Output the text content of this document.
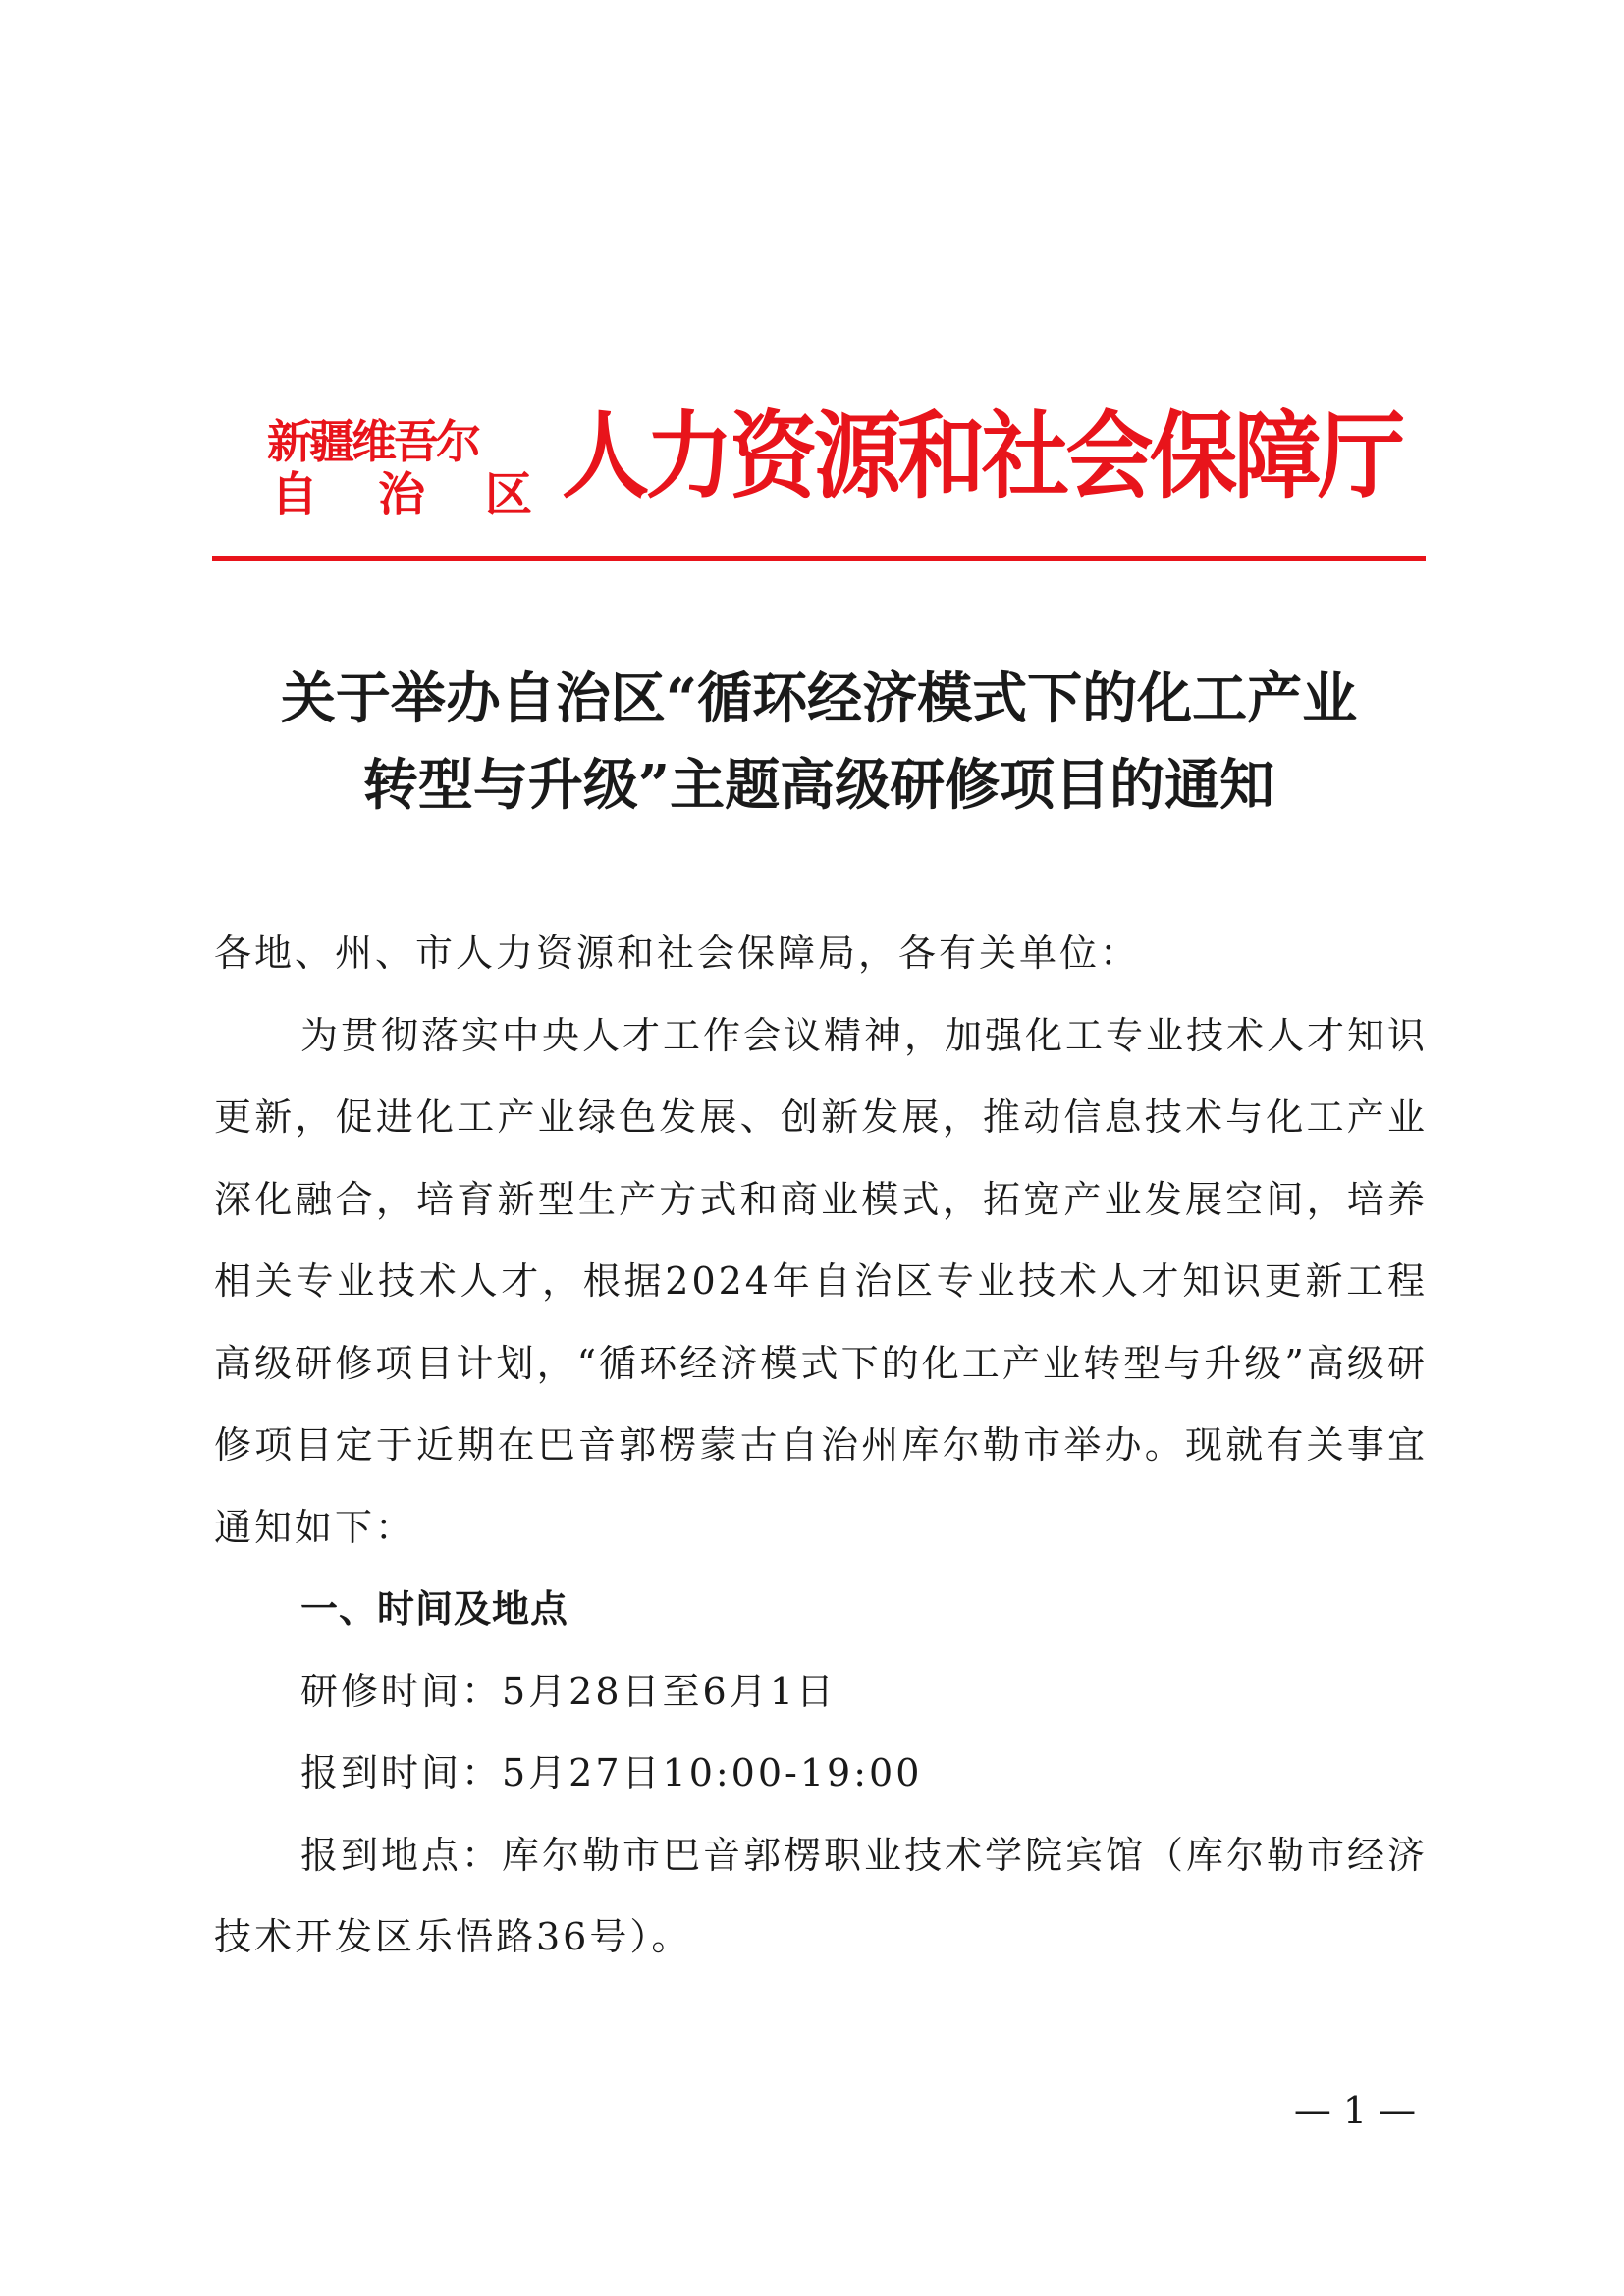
新疆维吾尔
自 治 区 人力资源和社会保障厅
关于举办自治区“循环经济模式下的化工产业
转型与升级”主题高级研修项目的通知

各地、州、市人力资源和社会保障局，各有关单位：

为贯彻落实中央人才工作会议精神，加强化工专业技术人才知识更新，促进化工产业绿色发展、创新发展，推动信息技术与化工产业深化融合，培育新型生产方式和商业模式，拓宽产业发展空间，培养相关专业技术人才，根据2024年自治区专业技术人才知识更新工程高级研修项目计划，“循环经济模式下的化工产业转型与升级”高级研修项目定于近期在巴音郭楞蒙古自治州库尔勒市举办。现就有关事宜通知如下：

一、时间及地点

研修时间：5月28日至6月1日

报到时间：5月27日10:00-19:00

报到地点：库尔勒市巴音郭楞职业技术学院宾馆（库尔勒市经济技术开发区乐悟路36号）。

— 1 —
